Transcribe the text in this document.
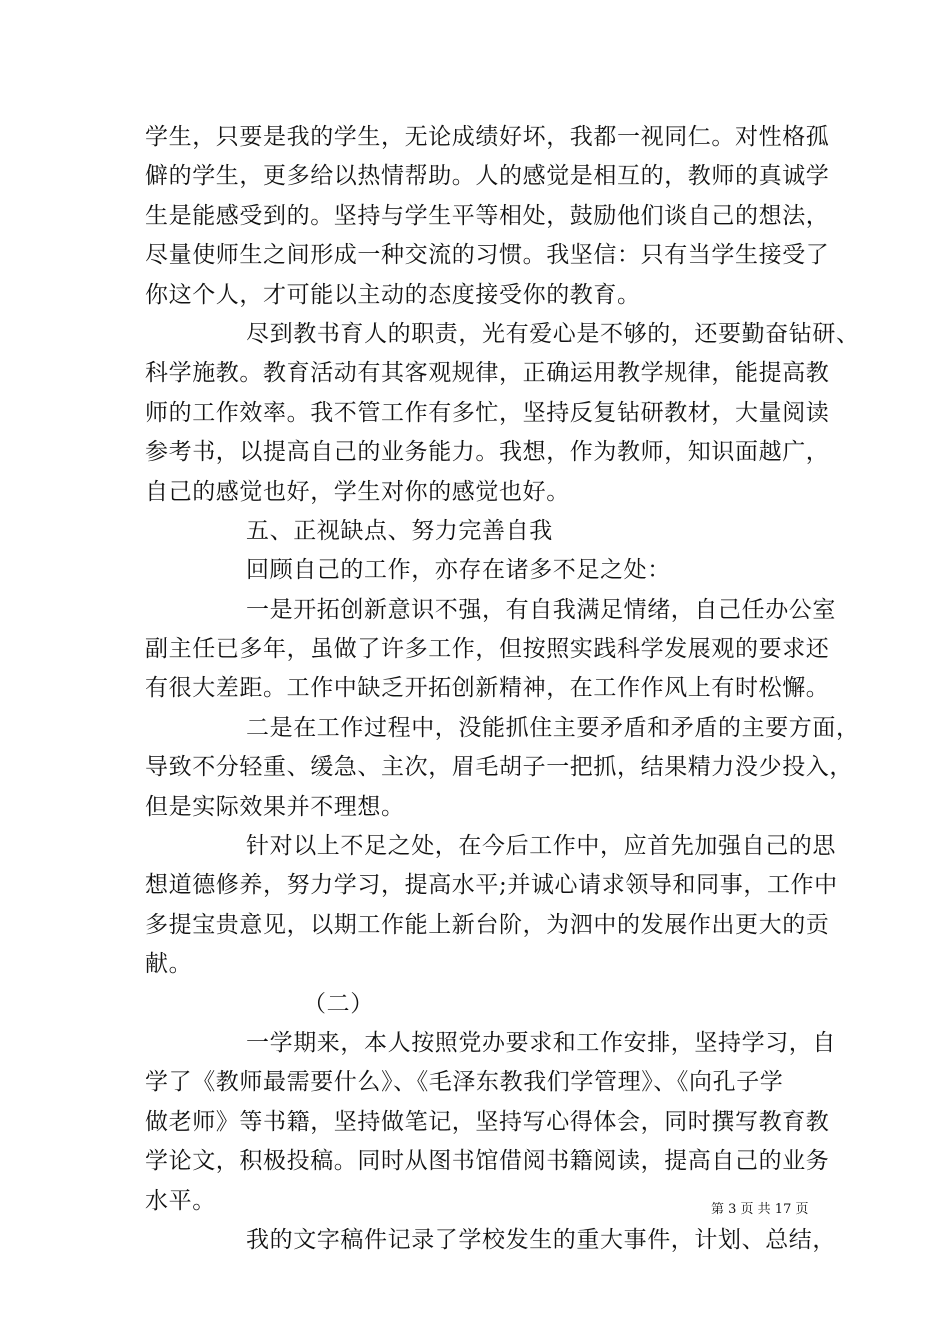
学生，只要是我的学生，无论成绩好坏，我都一视同仁。对性格孤
僻的学生，更多给以热情帮助。人的感觉是相互的，教师的真诚学
生是能感受到的。坚持与学生平等相处，鼓励他们谈自己的想法，
尽量使师生之间形成一种交流的习惯。我坚信：只有当学生接受了
你这个人，才可能以主动的态度接受你的教育。
尽到教书育人的职责，光有爱心是不够的，还要勤奋钻研、
科学施教。教育活动有其客观规律，正确运用教学规律，能提高教
师的工作效率。我不管工作有多忙，坚持反复钻研教材，大量阅读
参考书，以提高自己的业务能力。我想，作为教师，知识面越广，
自己的感觉也好，学生对你的感觉也好。
五、正视缺点、努力完善自我
回顾自己的工作，亦存在诸多不足之处：
一是开拓创新意识不强，有自我满足情绪，自己任办公室
副主任已多年，虽做了许多工作，但按照实践科学发展观的要求还
有很大差距。工作中缺乏开拓创新精神，在工作作风上有时松懈。
二是在工作过程中，没能抓住主要矛盾和矛盾的主要方面，
导致不分轻重、缓急、主次，眉毛胡子一把抓，结果精力没少投入，
但是实际效果并不理想。
针对以上不足之处，在今后工作中，应首先加强自己的思
想道德修养，努力学习，提高水平;并诚心请求领导和同事，工作中
多提宝贵意见，以期工作能上新台阶，为泗中的发展作出更大的贡
献。
（二）
一学期来，本人按照党办要求和工作安排，坚持学习，自
学了《教师最需要什么》、《毛泽东教我们学管理》、《向孔子学
做老师》等书籍，坚持做笔记，坚持写心得体会，同时撰写教育教
学论文，积极投稿。同时从图书馆借阅书籍阅读，提高自己的业务
水平。
我的文字稿件记录了学校发生的重大事件，计划、总结，
第 3 页 共 17 页
